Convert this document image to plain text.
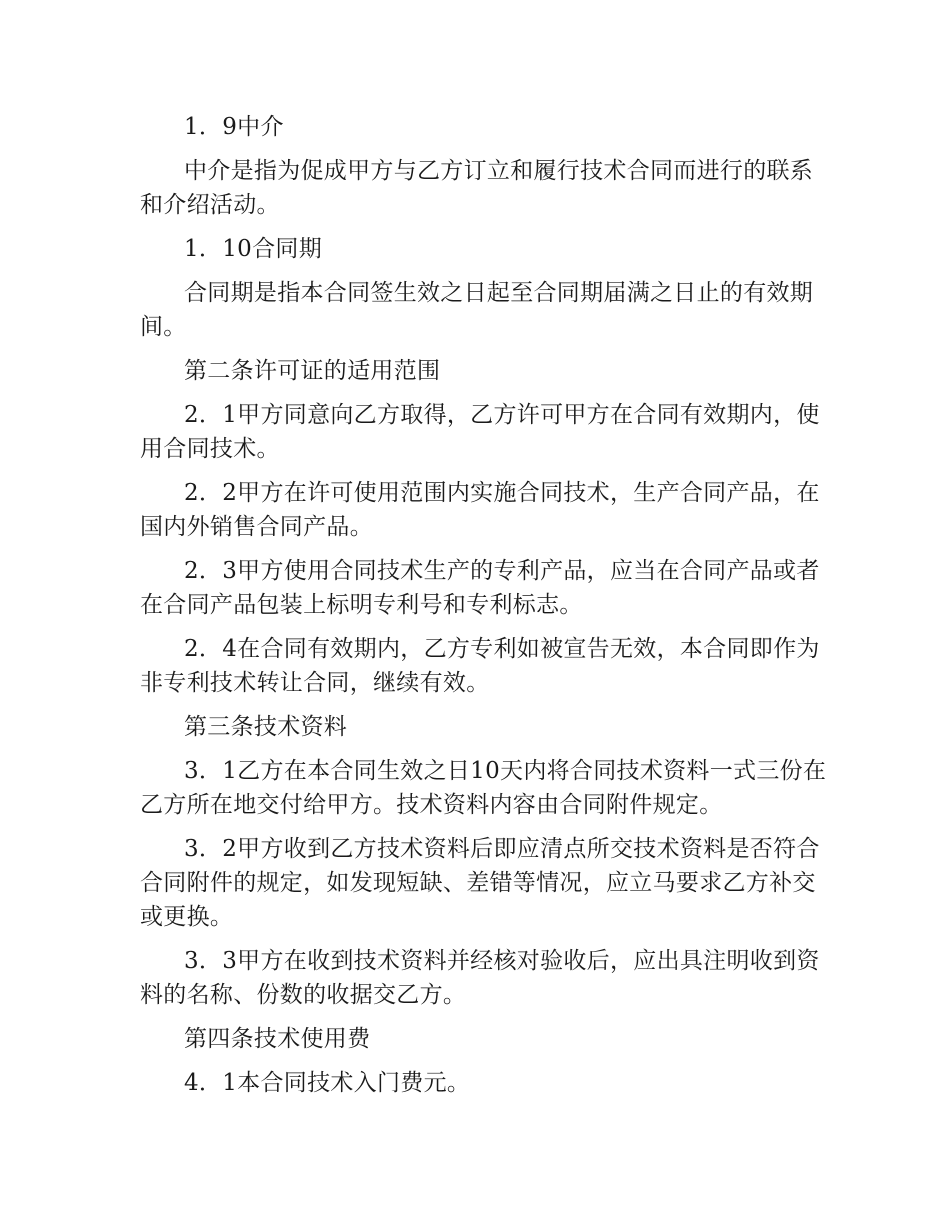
1．9中介

中介是指为促成甲方与乙方订立和履行技术合同而进行的联系和介绍活动。

1．10合同期

合同期是指本合同签生效之日起至合同期届满之日止的有效期间。

第二条许可证的适用范围

2．1甲方同意向乙方取得，乙方许可甲方在合同有效期内，使用合同技术。

2．2甲方在许可使用范围内实施合同技术，生产合同产品，在国内外销售合同产品。

2．3甲方使用合同技术生产的专利产品，应当在合同产品或者在合同产品包装上标明专利号和专利标志。

2．4在合同有效期内，乙方专利如被宣告无效，本合同即作为非专利技术转让合同，继续有效。

第三条技术资料

3．1乙方在本合同生效之日10天内将合同技术资料一式三份在乙方所在地交付给甲方。技术资料内容由合同附件规定。

3．2甲方收到乙方技术资料后即应清点所交技术资料是否符合合同附件的规定，如发现短缺、差错等情况，应立马要求乙方补交或更换。

3．3甲方在收到技术资料并经核对验收后，应出具注明收到资料的名称、份数的收据交乙方。

第四条技术使用费

4．1本合同技术入门费元。
